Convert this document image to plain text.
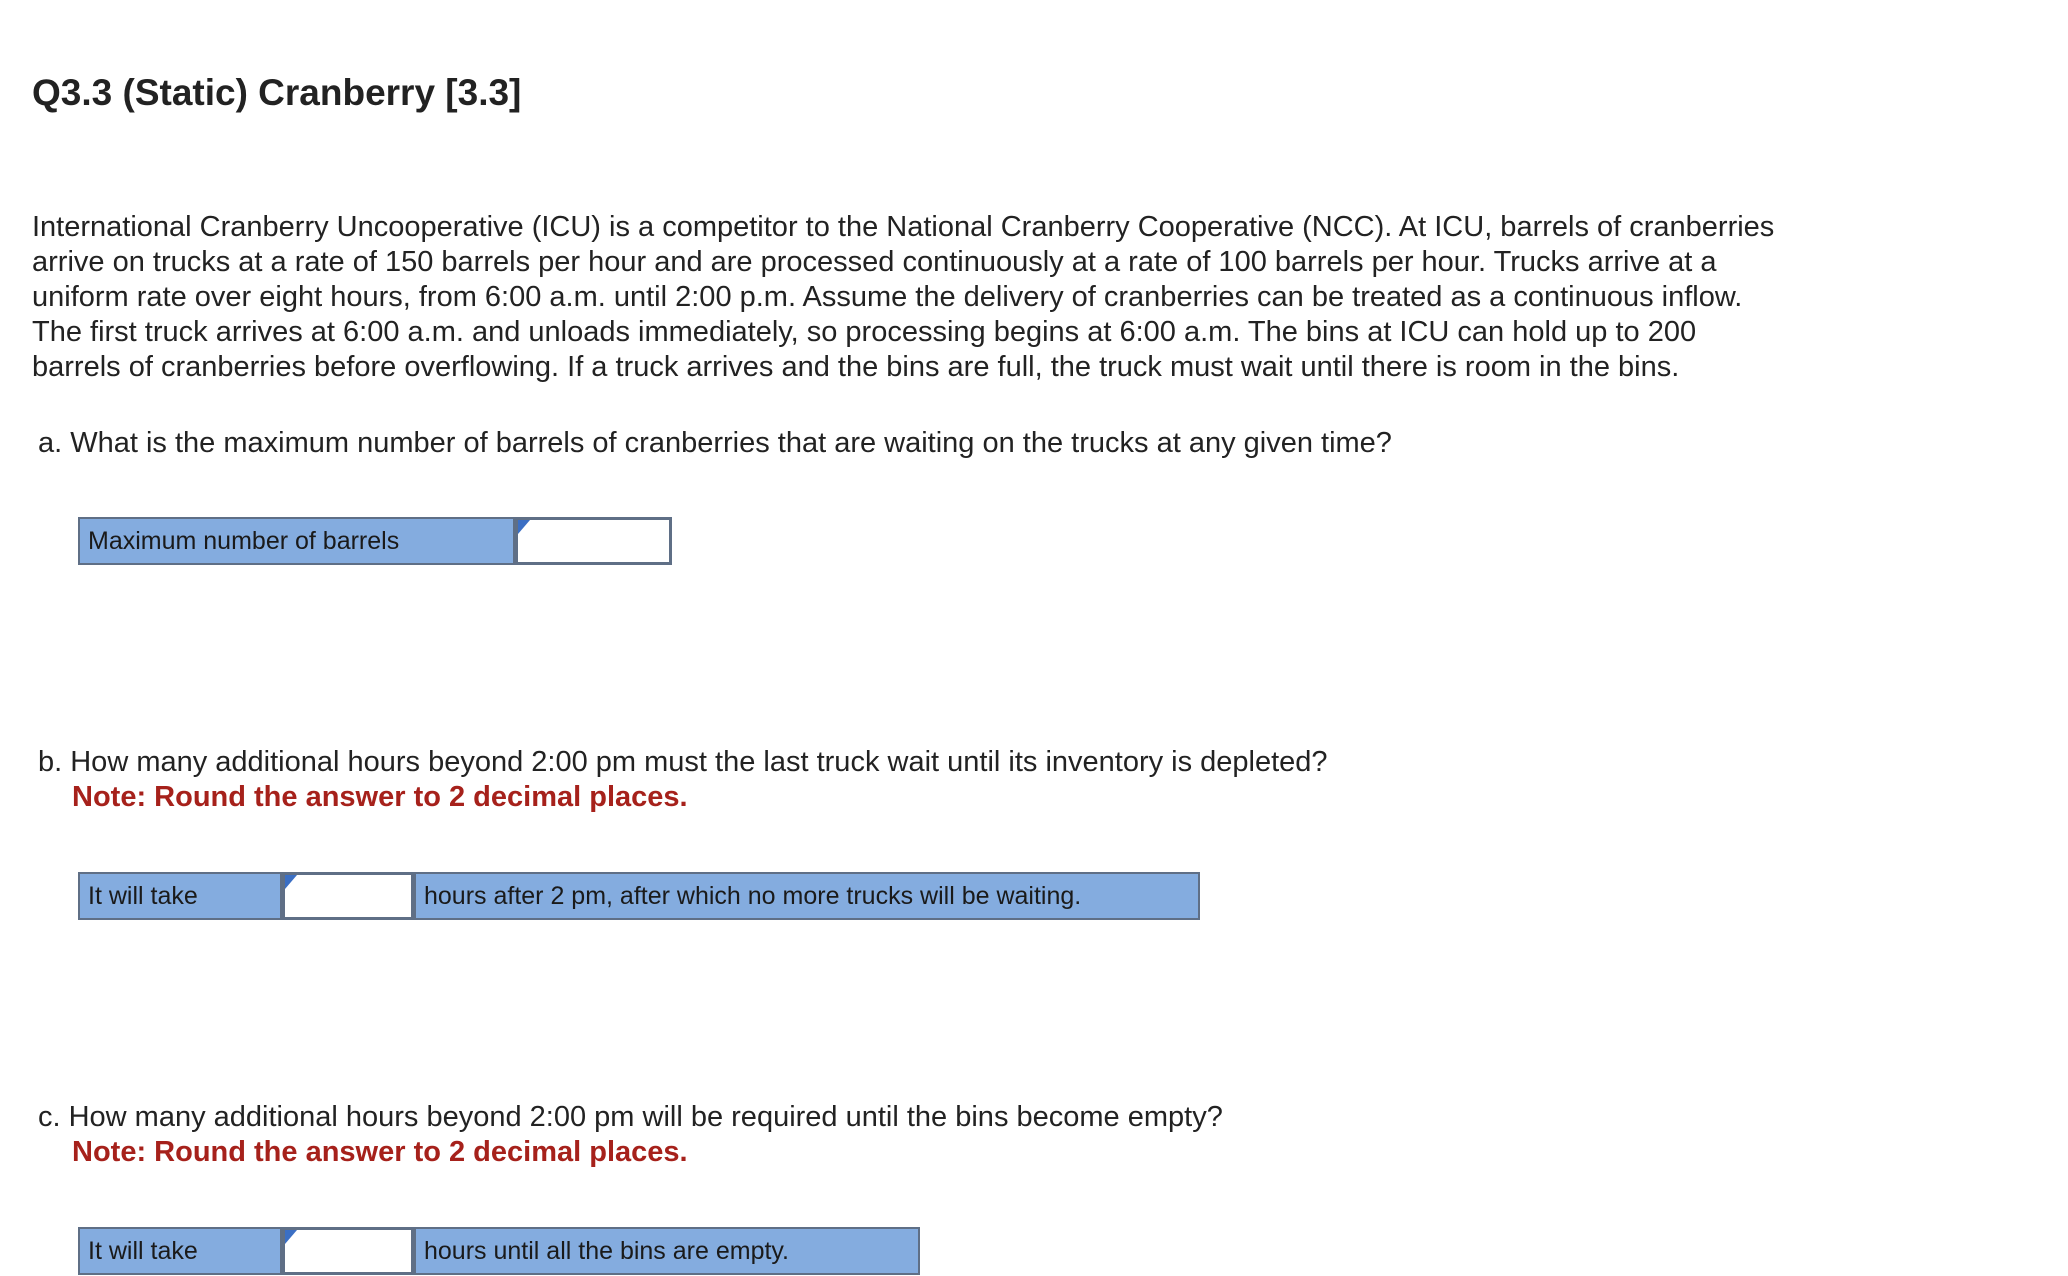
Q3.3 (Static) Cranberry [3.3]
International Cranberry Uncooperative (ICU) is a competitor to the National Cranberry Cooperative (NCC). At ICU, barrels of cranberries
arrive on trucks at a rate of 150 barrels per hour and are processed continuously at a rate of 100 barrels per hour. Trucks arrive at a
uniform rate over eight hours, from 6:00 a.m. until 2:00 p.m. Assume the delivery of cranberries can be treated as a continuous inflow.
The first truck arrives at 6:00 a.m. and unloads immediately, so processing begins at 6:00 a.m. The bins at ICU can hold up to 200
barrels of cranberries before overflowing. If a truck arrives and the bins are full, the truck must wait until there is room in the bins.

a. What is the maximum number of barrels of cranberries that are waiting on the trucks at any given time?

Maximum number of barrels

b. How many additional hours beyond 2:00 pm must the last truck wait until its inventory is depleted?

Note: Round the answer to 2 decimal places.

It will take	hours after 2 pm, after which no more trucks will be waiting.

c. How many additional hours beyond 2:00 pm will be required until the bins become empty?

Note: Round the answer to 2 decimal places.

It will take	hours until all the bins are empty.
